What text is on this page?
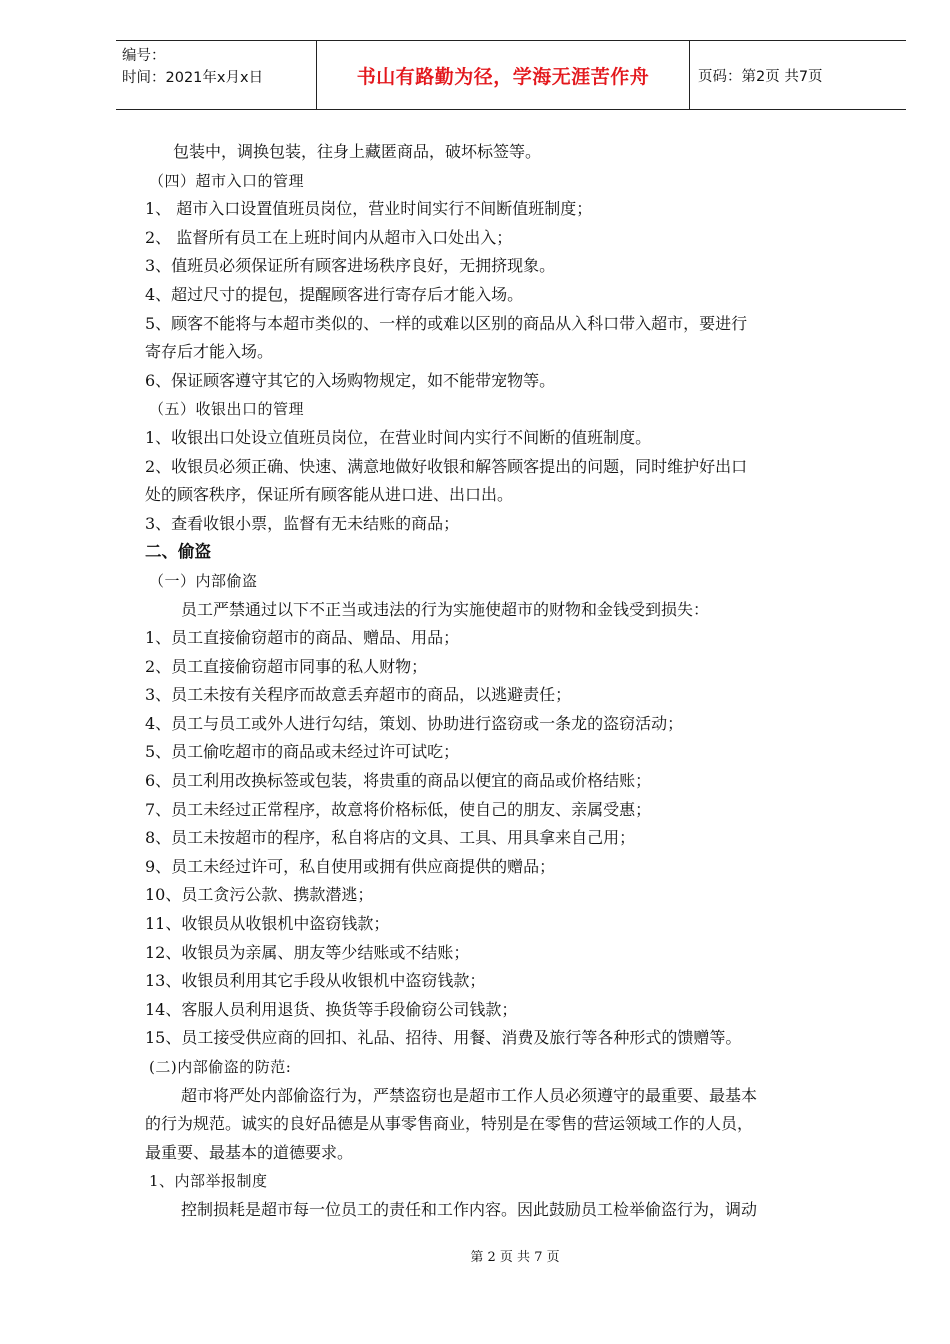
编号：
时间：2021年x月x日	书山有路勤为径，学海无涯苦作舟	页码：第2页 共7页
包装中，调换包装，往身上藏匿商品，破坏标签等。
（四）超市入口的管理
1、 超市入口设置值班员岗位，营业时间实行不间断值班制度；
2、 监督所有员工在上班时间内从超市入口处出入；
3、值班员必须保证所有顾客进场秩序良好，无拥挤现象。
4、超过尺寸的提包，提醒顾客进行寄存后才能入场。
5、顾客不能将与本超市类似的、一样的或难以区别的商品从入科口带入超市，要进行
寄存后才能入场。
6、保证顾客遵守其它的入场购物规定，如不能带宠物等。
（五）收银出口的管理
1、收银出口处设立值班员岗位，在营业时间内实行不间断的值班制度。
2、收银员必须正确、快速、满意地做好收银和解答顾客提出的问题，同时维护好出口
处的顾客秩序，保证所有顾客能从进口进、出口出。
3、查看收银小票，监督有无未结账的商品；
二、偷盗
（一）内部偷盗
员工严禁通过以下不正当或违法的行为实施使超市的财物和金钱受到损失：
1、员工直接偷窃超市的商品、赠品、用品；
2、员工直接偷窃超市同事的私人财物；
3、员工未按有关程序而故意丢弃超市的商品，以逃避责任；
4、员工与员工或外人进行勾结，策划、协助进行盗窃或一条龙的盗窃活动；
5、员工偷吃超市的商品或未经过许可试吃；
6、员工利用改换标签或包装，将贵重的商品以便宜的商品或价格结账；
7、员工未经过正常程序，故意将价格标低，使自己的朋友、亲属受惠；
8、员工未按超市的程序，私自将店的文具、工具、用具拿来自己用；
9、员工未经过许可，私自使用或拥有供应商提供的赠品；
10、员工贪污公款、携款潜逃；
11、收银员从收银机中盗窃钱款；
12、收银员为亲属、朋友等少结账或不结账；
13、收银员利用其它手段从收银机中盗窃钱款；
14、客服人员利用退货、换货等手段偷窃公司钱款；
15、员工接受供应商的回扣、礼品、招待、用餐、消费及旅行等各种形式的馈赠等。
(二)内部偷盗的防范:
超市将严处内部偷盗行为，严禁盗窃也是超市工作人员必须遵守的最重要、最基本
的行为规范。诚实的良好品德是从事零售商业，特别是在零售的营运领域工作的人员，
最重要、最基本的道德要求。
1、内部举报制度
控制损耗是超市每一位员工的责任和工作内容。因此鼓励员工检举偷盗行为，调动
第 2 页 共 7 页
